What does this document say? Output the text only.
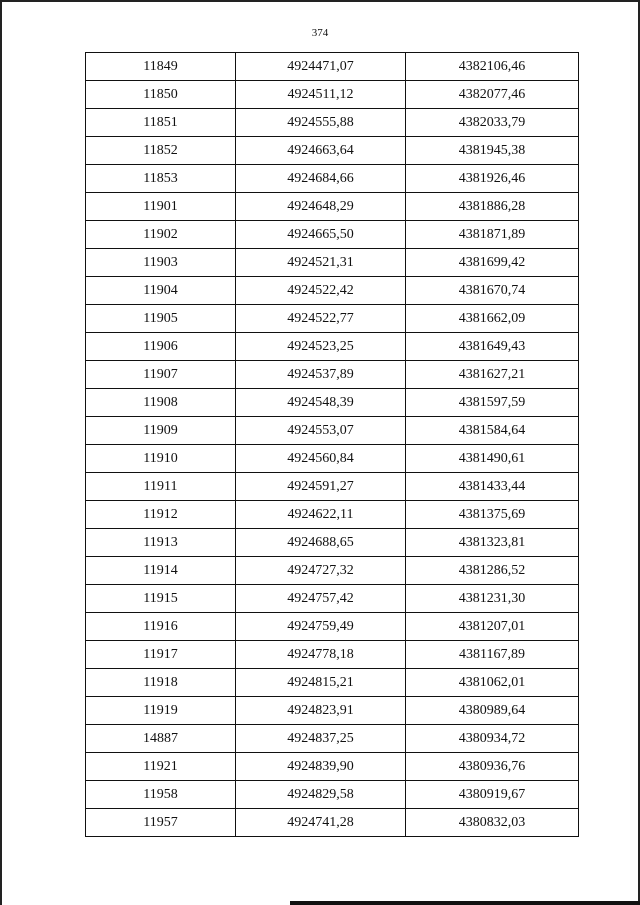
374
11849	4924471,07	4382106,46
11850	4924511,12	4382077,46
11851	4924555,88	4382033,79
11852	4924663,64	4381945,38
11853	4924684,66	4381926,46
11901	4924648,29	4381886,28
11902	4924665,50	4381871,89
11903	4924521,31	4381699,42
11904	4924522,42	4381670,74
11905	4924522,77	4381662,09
11906	4924523,25	4381649,43
11907	4924537,89	4381627,21
11908	4924548,39	4381597,59
11909	4924553,07	4381584,64
11910	4924560,84	4381490,61
11911	4924591,27	4381433,44
11912	4924622,11	4381375,69
11913	4924688,65	4381323,81
11914	4924727,32	4381286,52
11915	4924757,42	4381231,30
11916	4924759,49	4381207,01
11917	4924778,18	4381167,89
11918	4924815,21	4381062,01
11919	4924823,91	4380989,64
14887	4924837,25	4380934,72
11921	4924839,90	4380936,76
11958	4924829,58	4380919,67
11957	4924741,28	4380832,03
